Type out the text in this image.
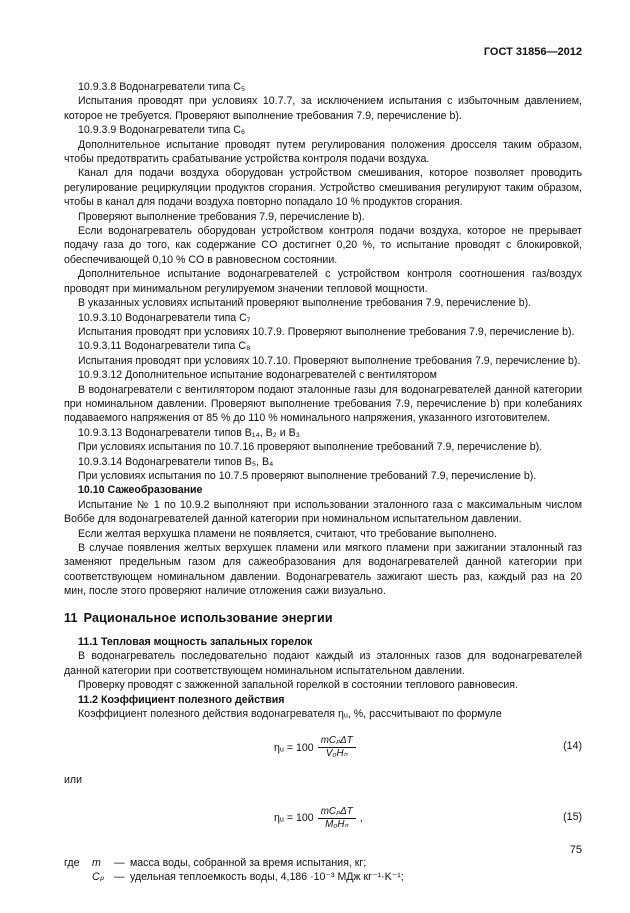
ГОСТ 31856—2012

10.9.3.8 Водонагреватели типа C₅

Испытания проводят при условиях 10.7.7, за исключением испытания с избыточным давлением, которое не требуется. Проверяют выполнение требования 7.9, перечисление b).

10.9.3.9 Водонагреватели типа C₆

Дополнительное испытание проводят путем регулирования положения дросселя таким образом, чтобы предотвратить срабатывание устройства контроля подачи воздуха.

Канал для подачи воздуха оборудован устройством смешивания, которое позволяет проводить регулирование рециркуляции продуктов сгорания. Устройство смешивания регулируют таким образом, чтобы в канал для подачи воздуха повторно попадало 10 % продуктов сгорания.

Проверяют выполнение требования 7.9, перечисление b).

Если водонагреватель оборудован устройством контроля подачи воздуха, которое не прерывает подачу газа до того, как содержание CO достигнет 0,20 %, то испытание проводят с блокировкой, обеспечивающей 0,10 % CO в равновесном состоянии.

Дополнительное испытание водонагревателей с устройством контроля соотношения газ/воздух проводят при минимальном регулируемом значении тепловой мощности.

В указанных условиях испытаний проверяют выполнение требования 7.9, перечисление b).

10.9.3.10 Водонагреватели типа C₇

Испытания проводят при условиях 10.7.9. Проверяют выполнение требования 7.9, перечисление b).

10.9.3.11 Водонагреватели типа C₈

Испытания проводят при условиях 10.7.10. Проверяют выполнение требования 7.9, перечисление b).

10.9.3.12 Дополнительное испытание водонагревателей с вентилятором

В водонагреватели с вентилятором подают эталонные газы для водонагревателей данной категории при номинальном давлении. Проверяют выполнение требования 7.9, перечисление b) при колебаниях подаваемого напряжения от 85 % до 110 % номинального напряжения, указанного изготовителем.

10.9.3.13 Водонагреватели типов B₁₄, B₂ и B₃

При условиях испытания по 10.7.16 проверяют выполнение требований 7.9, перечисление b).

10.9.3.14 Водонагреватели типов B₅, B₄

При условиях испытания по 10.7.5 проверяют выполнение требований 7.9, перечисление b).

10.10 Сажеобразование

Испытание № 1 по 10.9.2 выполняют при использовании эталонного газа с максимальным числом Воббе для водонагревателей данной категории при номинальном испытательном давлении.

Если желтая верхушка пламени не появляется, считают, что требование выполнено.

В случае появления желтых верхушек пламени или мягкого пламени при зажигании эталонный газ заменяют предельным газом для сажеобразования для водонагревателей данной категории при соответствующем номинальном давлении. Водонагреватель зажигают шесть раз, каждый раз на 20 мин, после этого проверяют наличие отложения сажи визуально.

11 Рациональное использование энергии

11.1 Тепловая мощность запальных горелок

В водонагреватель последовательно подают каждый из эталонных газов для водонагревателей данной категории при соответствующем номинальном испытательном давлении.

Проверку проводят с зажженной запальной горелкой в состоянии теплового равновесия.

11.2 Коэффициент полезного действия

Коэффициент полезного действия водонагревателя ηᵤ, %, рассчитывают по формуле

ηᵤ = $100 \frac{\text{mCₚΔT}}{\text{V₀Hₙ}}$	(14)

или

ηᵤ = $100 \frac{\text{mCₚΔT}}{\text{M₀Hₙ}}$ ,	(15)
где	m	— масса воды, собранной за время испытания, кг;
Cₚ — удельная теплоемкость воды, 4,186 ·10⁻³ МДж кг⁻¹·K⁻¹;
75
